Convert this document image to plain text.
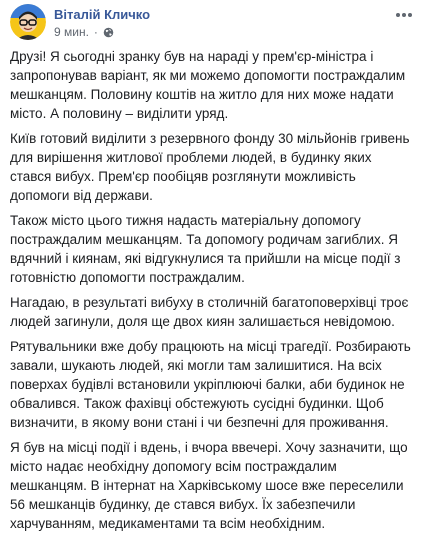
Віталій Кличко
9 мин. ·

Друзі! Я сьогодні зранку був на нараді у прем'єр-міністра і запропонував варіант, як ми можемо допомогти постраждалим мешканцям. Половину коштів на житло для них може надати місто. А половину – виділити уряд.

Київ готовий виділити з резервного фонду 30 мільйонів гривень для вирішення житлової проблеми людей, в будинку яких стався вибух. Прем'єр пообіцяв розглянути можливість допомоги від держави.

Також місто цього тижня надасть матеріальну допомогу постраждалим мешканцям. Та допомогу родичам загиблих. Я вдячний і киянам, які відгукнулися та прийшли на місце події з готовністю допомогти постраждалим.

Нагадаю, в результаті вибуху в столичній багатоповерхівці троє людей загинули, доля ще двох киян залишається невідомою.

Рятувальники вже добу працюють на місці трагедії. Розбирають завали, шукають людей, які могли там залишитися. На всіх поверхах будівлі встановили укріплюючі балки, аби будинок не обвалився. Також фахівці обстежують сусідні будинки. Щоб визначити, в якому вони стані і чи безпечні для проживання.

Я був на місці події і вдень, і вчора ввечері. Хочу зазначити, що місто надає необхідну допомогу всім постраждалим мешканцям. В інтернат на Харківському шосе вже переселили 56 мешканців будинку, де стався вибух. Їх забезпечили харчуванням, медикаментами та всім необхідним.
